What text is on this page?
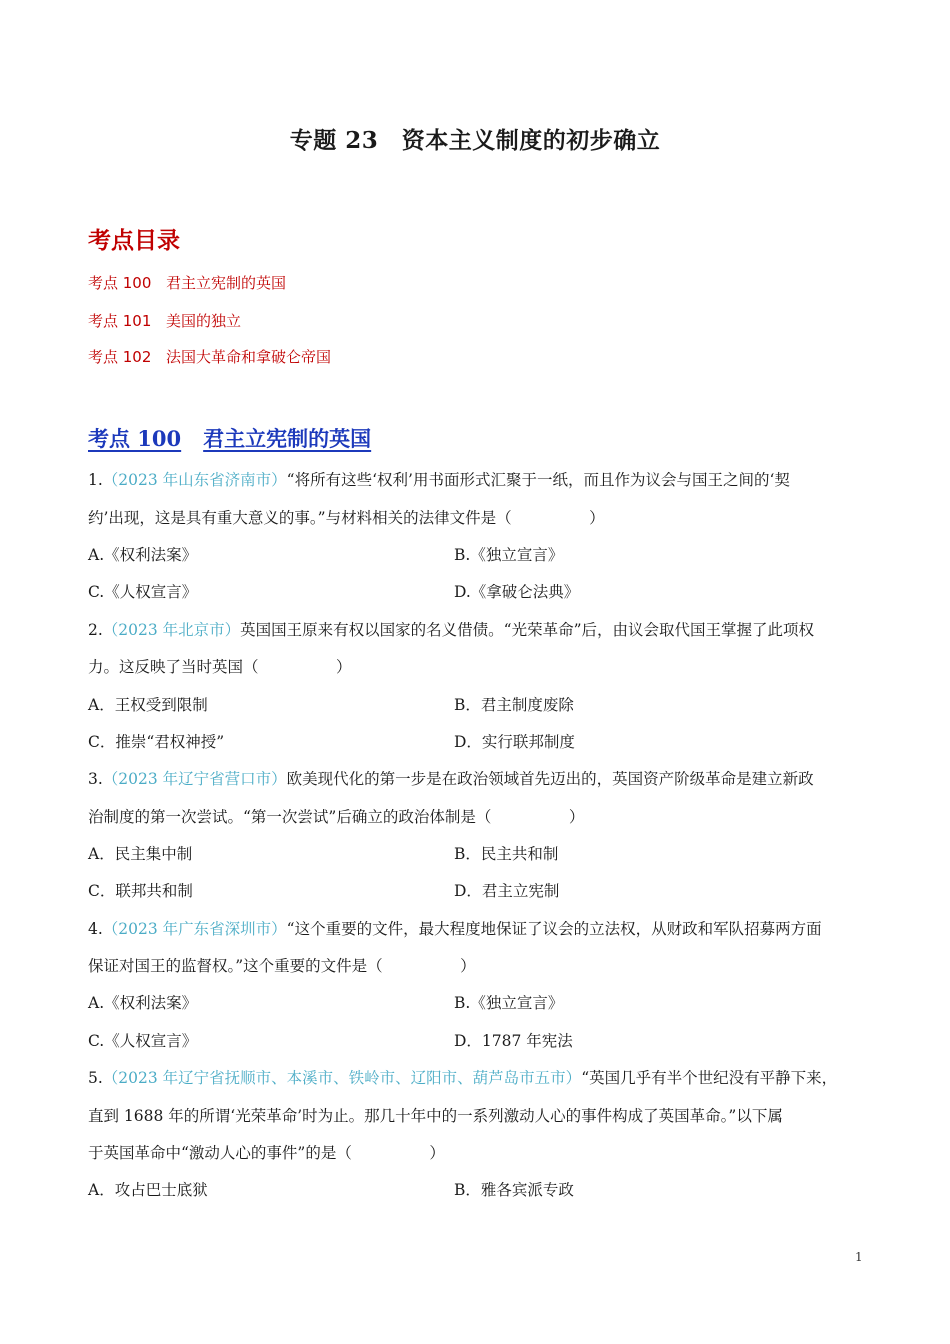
专题 23　资本主义制度的初步确立
考点目录
考点 100 君主立宪制的英国
考点 101 美国的独立
考点 102 法国大革命和拿破仑帝国
考点 100 君主立宪制的英国
1.（2023 年山东省济南市）“将所有这些‘权利’用书面形式汇聚于一纸，而且作为议会与国王之间的‘契
约’出现，这是具有重大意义的事。”与材料相关的法律文件是（　　　　　）
A.《权利法案》	B.《独立宣言》
C.《人权宣言》	D.《拿破仑法典》
2.（2023 年北京市）英国国王原来有权以国家的名义借债。“光荣革命”后，由议会取代国王掌握了此项权
力。这反映了当时英国（　　　　　）
A．王权受到限制	B．君主制度废除
C．推崇“君权神授”	D．实行联邦制度
3.（2023 年辽宁省营口市）欧美现代化的第一步是在政治领域首先迈出的，英国资产阶级革命是建立新政
治制度的第一次尝试。“第一次尝试”后确立的政治体制是（　　　　　）
A．民主集中制	B．民主共和制
C．联邦共和制	D．君主立宪制
4.（2023 年广东省深圳市）“这个重要的文件，最大程度地保证了议会的立法权，从财政和军队招募两方面
保证对国王的监督权。”这个重要的文件是（　　　　　）
A.《权利法案》	B.《独立宣言》
C.《人权宣言》	D．1787 年宪法
5.（2023 年辽宁省抚顺市、本溪市、铁岭市、辽阳市、葫芦岛市五市）“英国几乎有半个世纪没有平静下来，
直到 1688 年的所谓‘光荣革命’时为止。那几十年中的一系列激动人心的事件构成了英国革命。”以下属
于英国革命中“激动人心的事件”的是（　　　　　）
A．攻占巴士底狱	B．雅各宾派专政
1
